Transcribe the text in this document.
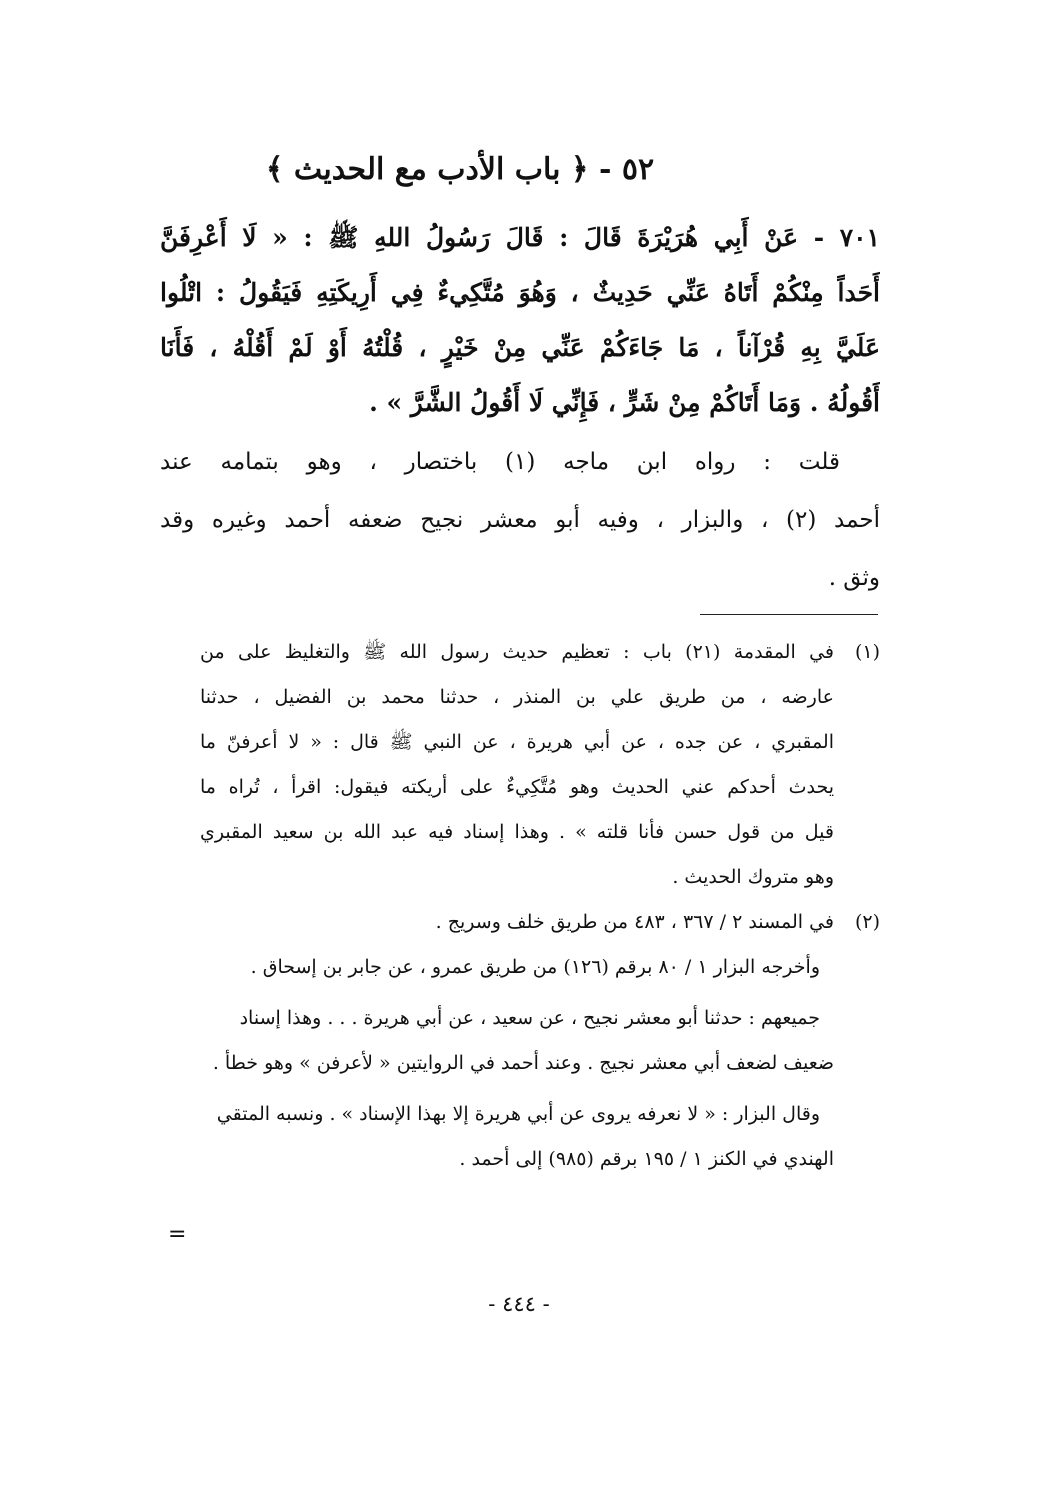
٥٢ - ﴿ باب الأدب مع الحديث ﴾
٧٠١ - عَنْ أَبِي هُرَيْرَةَ قَالَ : قَالَ رَسُولُ اللهِ ﷺ : « لَا أَعْرِفَنَّ
أَحَداً مِنْكُمْ أَتَاهُ عَنِّي حَدِيثٌ ، وَهُوَ مُتَّكِيءٌ فِي أَرِيكَتِهِ فَيَقُولُ : اتْلُوا
عَلَيَّ بِهِ قُرْآناً ، مَا جَاءَكُمْ عَنِّي مِنْ خَيْرٍ ، قُلْتُهُ أَوْ لَمْ أَقُلْهُ ، فَأَنَا
أَقُولُهُ . وَمَا أَتَاكُمْ مِنْ شَرٍّ ، فَإِنِّي لَا أَقُولُ الشَّرَّ » .
قلت : رواه ابن ماجه (١) باختصار ، وهو بتمامه عند
أحمد (٢) ، والبزار ، وفيه أبو معشر نجيح ضعفه أحمد وغيره وقد
وثق .
(١)
في المقدمة (٢١) باب : تعظيم حديث رسول الله ﷺ والتغليظ على من
عارضه ، من طريق علي بن المنذر ، حدثنا محمد بن الفضيل ، حدثنا
المقبري ، عن جده ، عن أبي هريرة ، عن النبي ﷺ قال : « لا أعرفنّ ما
يحدث أحدكم عني الحديث وهو مُتَّكِيءٌ على أريكته فيقول: اقرأ ، تُراه ما
قيل من قول حسن فأنا قلته » . وهذا إسناد فيه عبد الله بن سعيد المقبري
وهو متروك الحديث .
(٢)
في المسند ٢ / ٣٦٧ ، ٤٨٣ من طريق خلف وسريج .
وأخرجه البزار ١ / ٨٠ برقم (١٢٦) من طريق عمرو ، عن جابر بن إسحاق .
جميعهم : حدثنا أبو معشر نجيح ، عن سعيد ، عن أبي هريرة . . . وهذا إسناد ضعيف لضعف أبي معشر نجيج . وعند أحمد في الروايتين « لأعرفن » وهو خطأ .
وقال البزار : « لا نعرفه يروى عن أبي هريرة إلا بهذا الإسناد » . ونسبه المتقي الهندي في الكنز ١ / ١٩٥ برقم (٩٨٥) إلى أحمد .
=
- ٤٤٤ -
